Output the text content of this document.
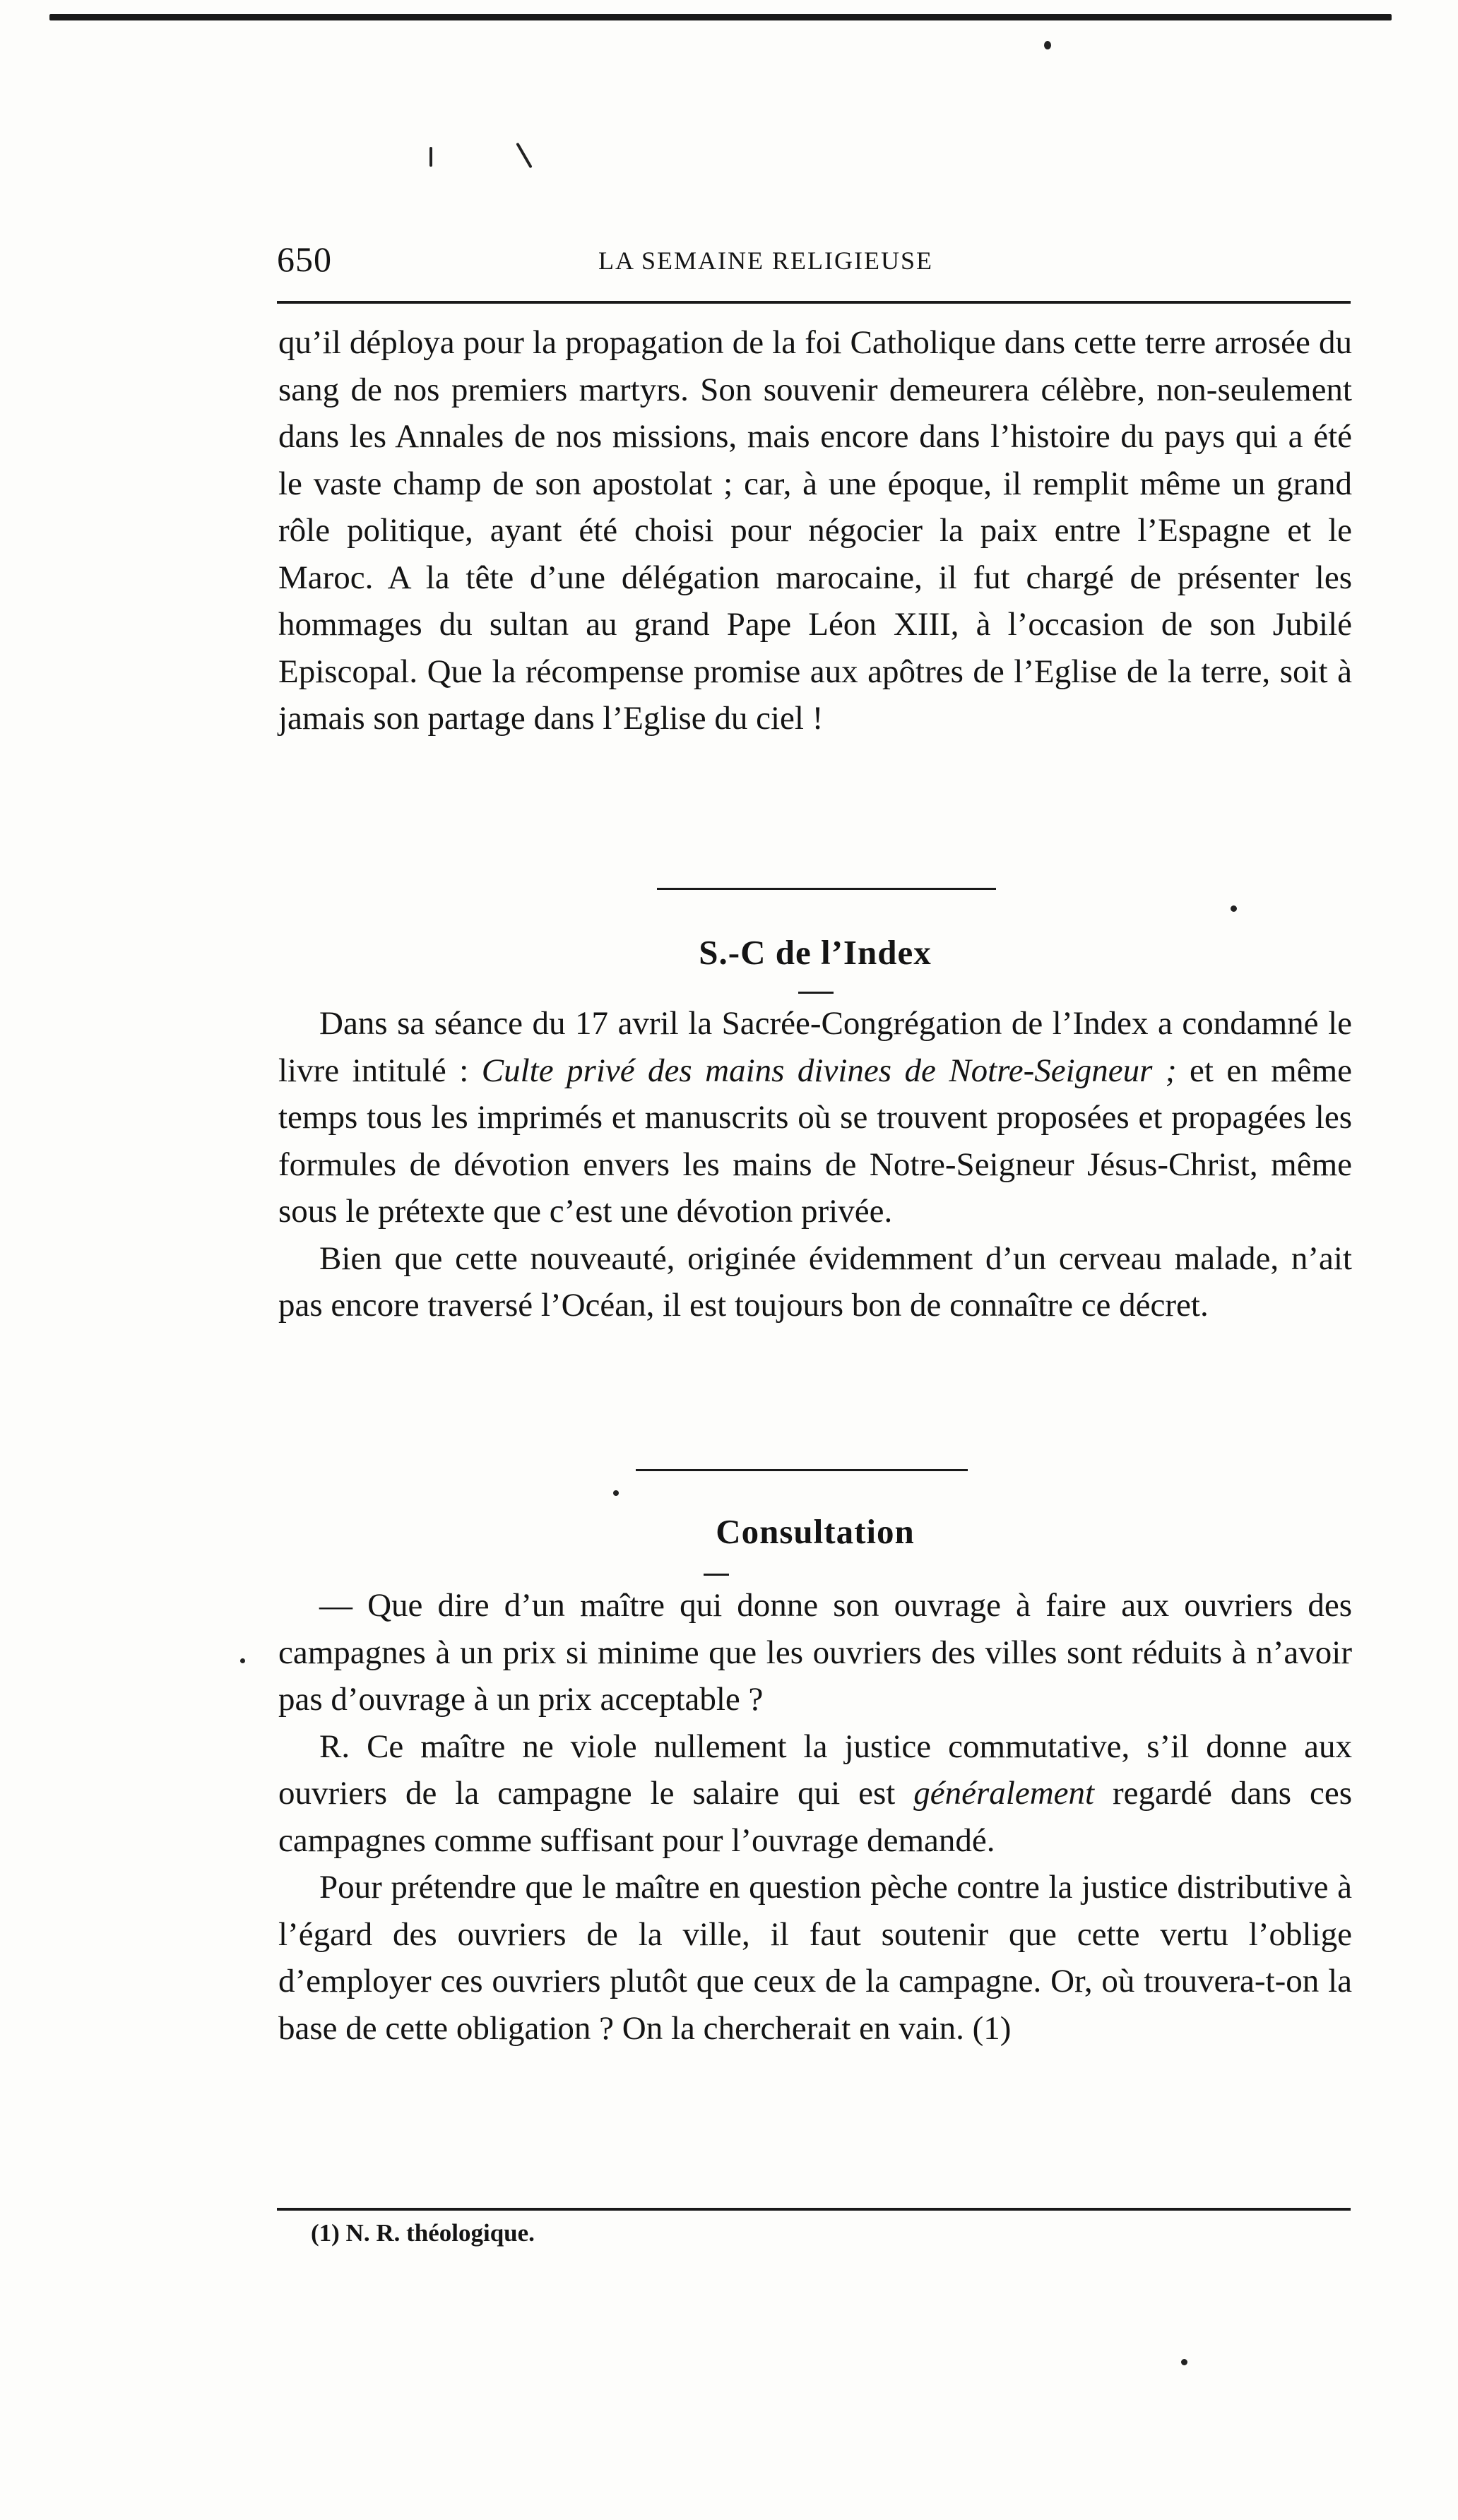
650	LA SEMAINE RELIGIEUSE

qu’il déploya pour la propagation de la foi Catholique dans cette terre arrosée du sang de nos premiers martyrs. Son souvenir demeurera célèbre, non-seulement dans les Annales de nos missions, mais encore dans l’histoire du pays qui a été le vaste champ de son apostolat ; car, à une époque, il remplit même un grand rôle politique, ayant été choisi pour négocier la paix entre l’Espagne et le Maroc. A la tête d’une délégation marocaine, il fut chargé de présenter les hommages du sultan au grand Pape Léon XIII, à l’occasion de son Jubilé Episcopal. Que la récompense promise aux apôtres de l’Eglise de la terre, soit à jamais son partage dans l’Eglise du ciel !

S.-C de l’Index

Dans sa séance du 17 avril la Sacrée-Congrégation de l’Index a condamné le livre intitulé : Culte privé des mains divines de Notre-Seigneur ; et en même temps tous les imprimés et manuscrits où se trouvent proposées et propagées les formules de dévotion envers les mains de Notre-Seigneur Jésus-Christ, même sous le prétexte que c’est une dévotion privée.

Bien que cette nouveauté, originée évidemment d’un cerveau malade, n’ait pas encore traversé l’Océan, il est toujours bon de connaître ce décret.

Consultation

— Que dire d’un maître qui donne son ouvrage à faire aux ouvriers des campagnes à un prix si minime que les ouvriers des villes sont réduits à n’avoir pas d’ouvrage à un prix acceptable ?

R. Ce maître ne viole nullement la justice commutative, s’il donne aux ouvriers de la campagne le salaire qui est généralement regardé dans ces campagnes comme suffisant pour l’ouvrage demandé.

Pour prétendre que le maître en question pèche contre la justice distributive à l’égard des ouvriers de la ville, il faut soutenir que cette vertu l’oblige d’employer ces ouvriers plutôt que ceux de la campagne. Or, où trouvera-t-on la base de cette obligation ? On la chercherait en vain. (1)

(1) N. R. théologique.
